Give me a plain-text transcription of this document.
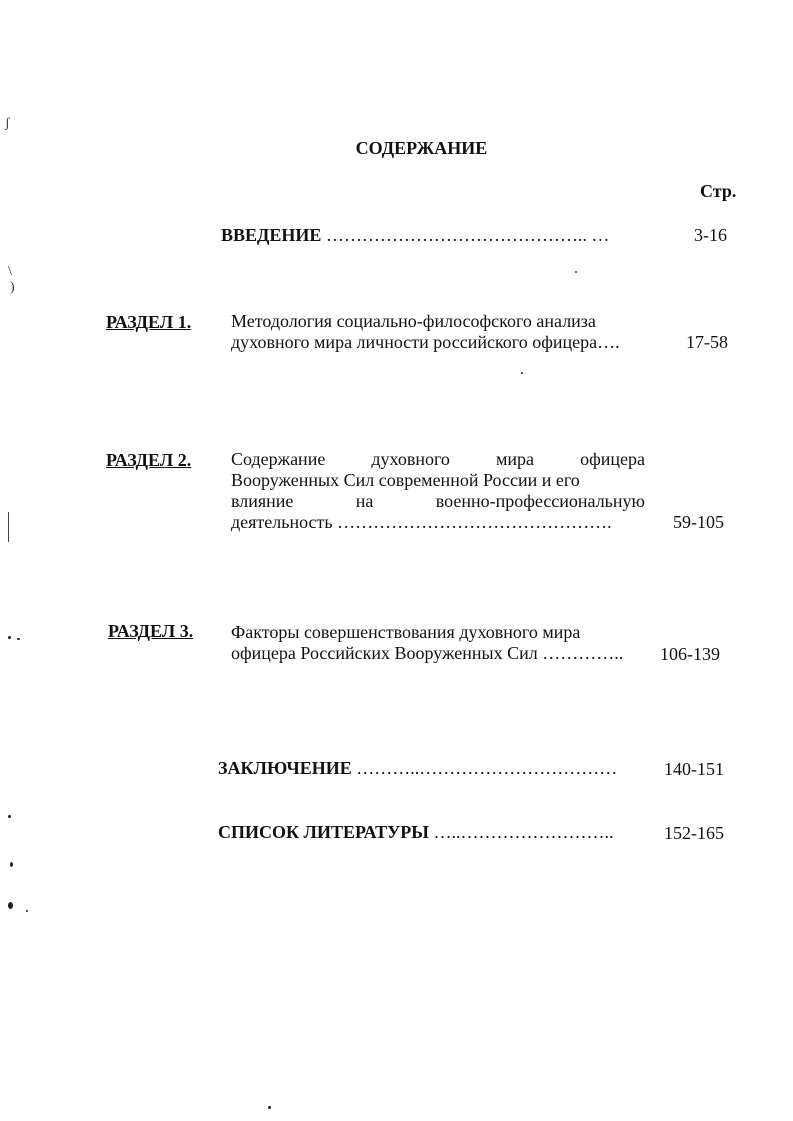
СОДЕРЖАНИЕ
Стр.
ВВЕДЕНИЕ …………………………………….. …	3-16
РАЗДЕЛ 1. Методология социально-философского анализа
духовного мира личности российского офицера….	17-58
РАЗДЕЛ 2. Содержание	духовного	мира	офицера
Вооруженных Сил современной России и его
влияние	на	военно-профессиональную
деятельность ……………………………………….	59-105
РАЗДЕЛ 3. Факторы совершенствования духовного мира
офицера Российских Вооруженных Сил ………….. 106-139
ЗАКЛЮЧЕНИЕ ………..……………………………	140-151
СПИСОК ЛИТЕРАТУРЫ …..……………………..	152-165
ʃ
\
)
